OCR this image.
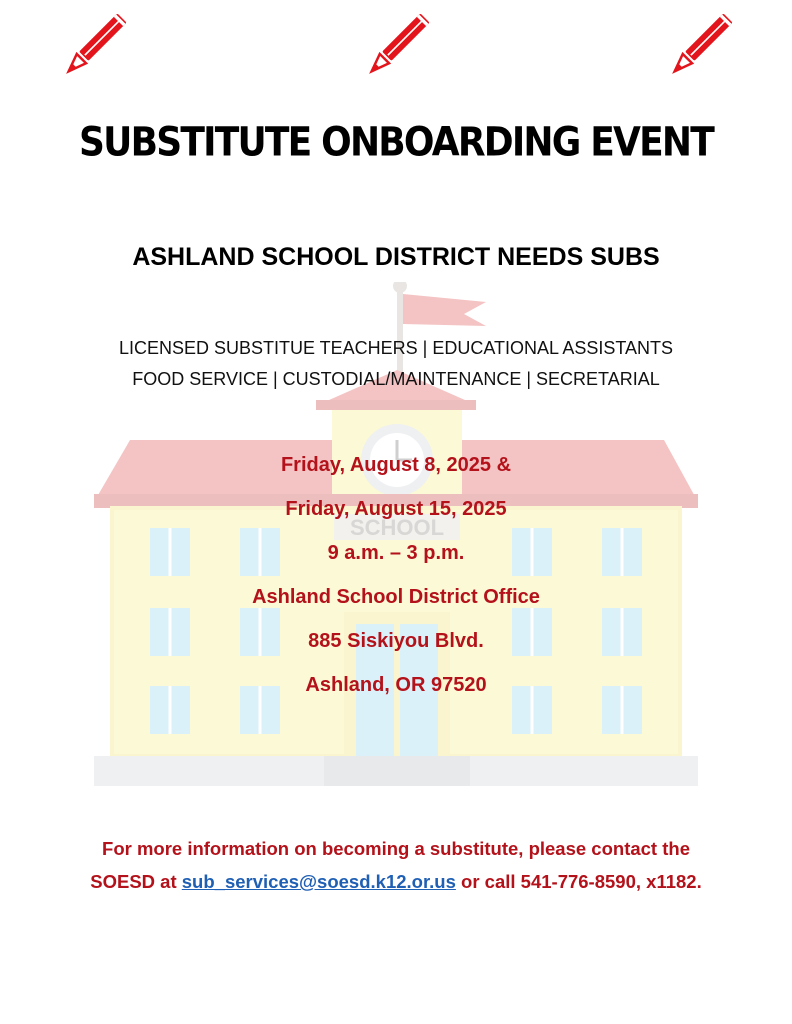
SCHOOL
SUBSTITUTE ONBOARDING EVENT
ASHLAND SCHOOL DISTRICT NEEDS SUBS
LICENSED SUBSTITUE TEACHERS | EDUCATIONAL ASSISTANTS
FOOD SERVICE | CUSTODIAL/MAINTENANCE | SECRETARIAL
Friday, August 8, 2025 &
Friday, August 15, 2025
9 a.m. – 3 p.m.
Ashland School District Office
885 Siskiyou Blvd.
Ashland, OR 97520
For more information on becoming a substitute, please contact the
SOESD at sub_services@soesd.k12.or.us or call 541-776-8590, x1182.
